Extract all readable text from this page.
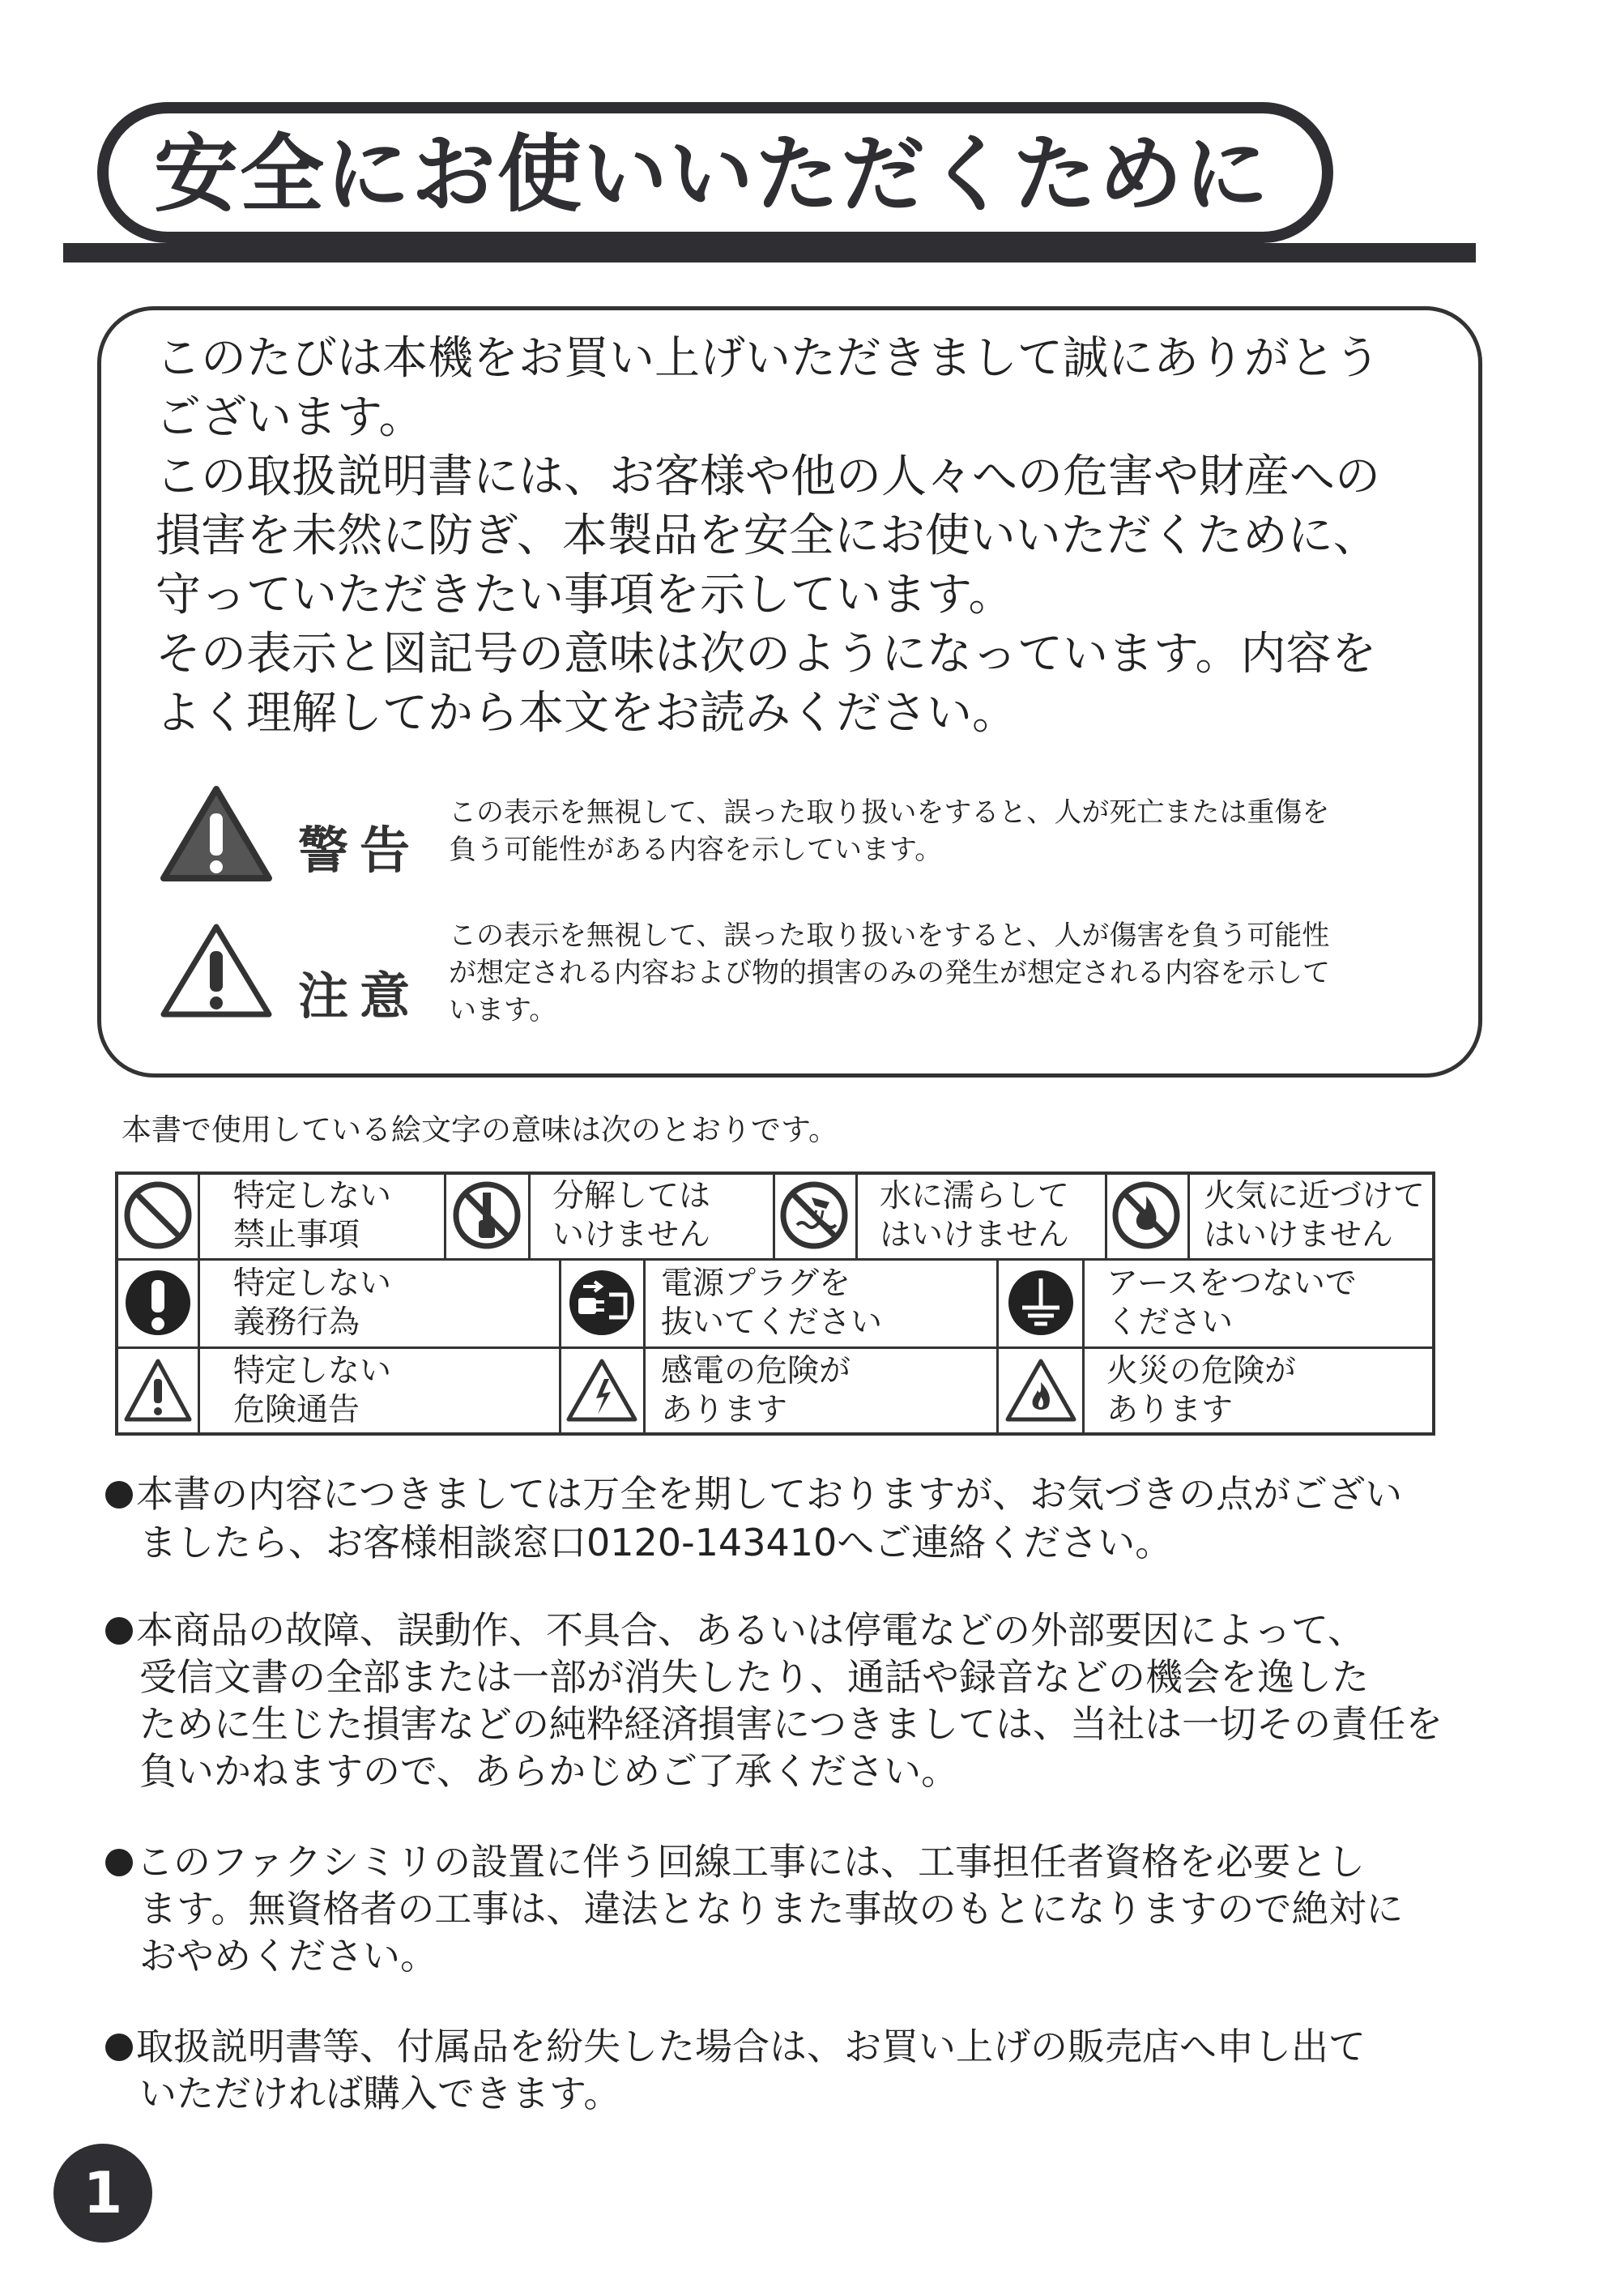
安全にお使いいただくために
このたびは本機をお買い上げいただきまして誠にありがとう
ございます。
この取扱説明書には、お客様や他の人々への危害や財産への
損害を未然に防ぎ、本製品を安全にお使いいただくために、
守っていただきたい事項を示しています。
その表示と図記号の意味は次のようになっています。内容を
よく理解してから本文をお読みください。
警告
この表示を無視して、誤った取り扱いをすると、人が死亡または重傷を
負う可能性がある内容を示しています。
注意
この表示を無視して、誤った取り扱いをすると、人が傷害を負う可能性
が想定される内容および物的損害のみの発生が想定される内容を示して
います。
本書で使用している絵文字の意味は次のとおりです。
特定しない
禁止事項
分解しては
いけません
水に濡らして
はいけません
火気に近づけて
はいけません
特定しない
義務行為
電源プラグを
抜いてください
アースをつないで
ください
特定しない
危険通告
感電の危険が
あります
火災の危険が
あります
本書の内容につきましては万全を期しておりますが、お気づきの点がござい
ましたら、お客様相談窓口0120-143410へご連絡ください。
本商品の故障、誤動作、不具合、あるいは停電などの外部要因によって、
受信文書の全部または一部が消失したり、通話や録音などの機会を逸した
ために生じた損害などの純粋経済損害につきましては、当社は一切その責任を
負いかねますので、あらかじめご了承ください。
このファクシミリの設置に伴う回線工事には、工事担任者資格を必要とし
ます。無資格者の工事は、違法となりまた事故のもとになりますので絶対に
おやめください。
取扱説明書等、付属品を紛失した場合は、お買い上げの販売店へ申し出て
いただければ購入できます。
1
